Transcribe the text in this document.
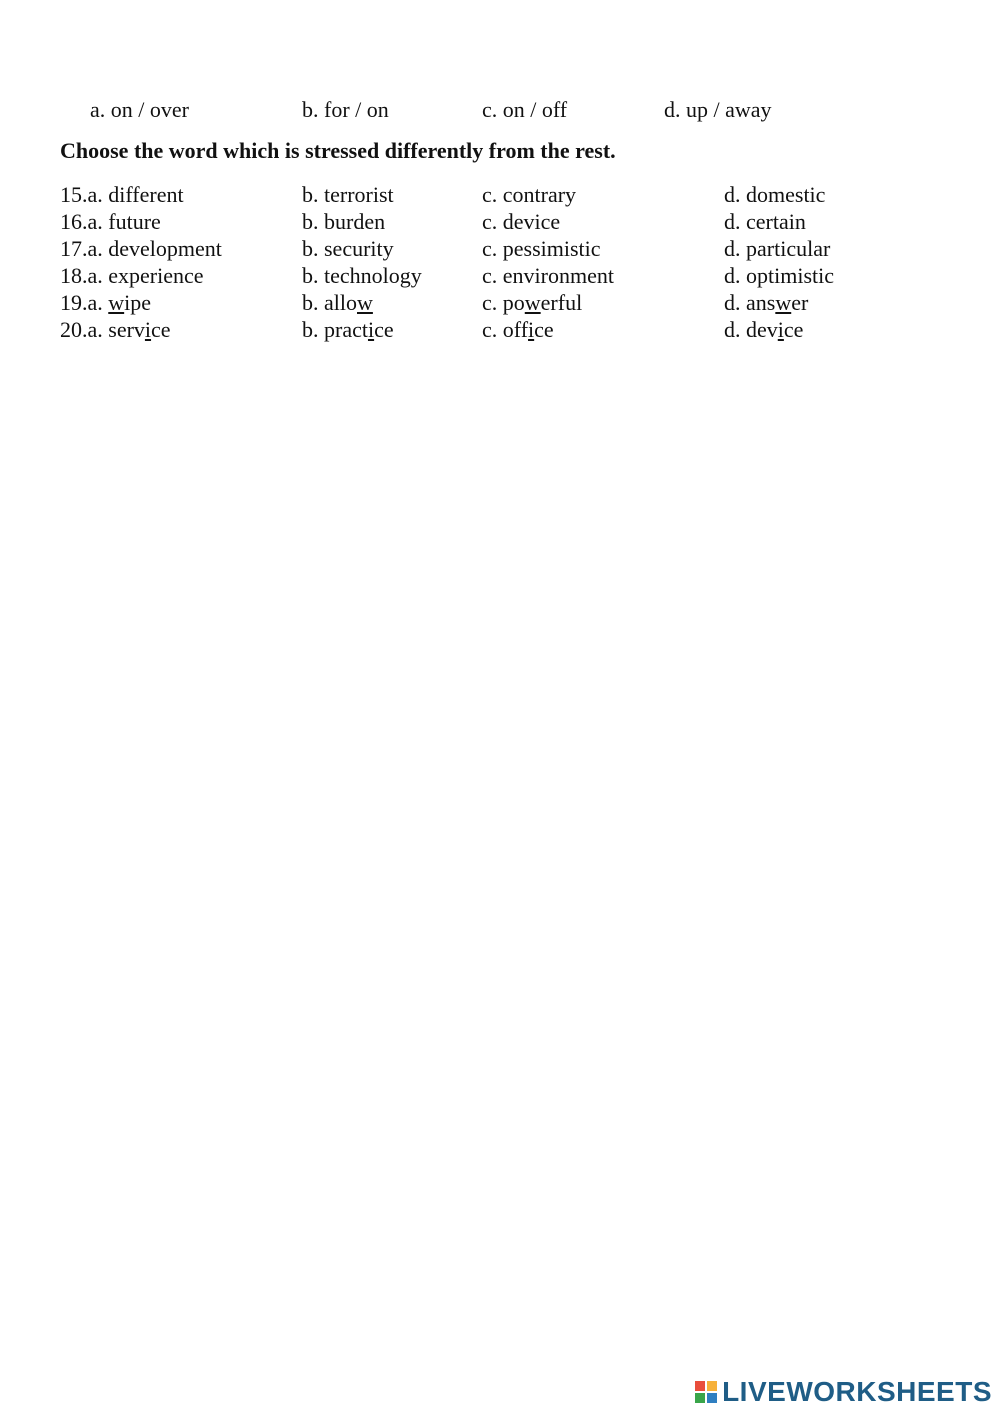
a. on / over	b. for / on	c. on / off	d. up / away
Choose the word which is stressed differently from the rest.
15.a. different	b. terrorist	c. contrary	d. domestic
16.a. future	b. burden	c. device	d. certain
17.a. development	b. security	c. pessimistic	d. particular
18.a. experience	b. technology	c. environment	d. optimistic
19.a. wipe	b. allow	c. powerful	d. answer
20.a. service	b. practice	c. office	d. device
LIVEWORKSHEETS
